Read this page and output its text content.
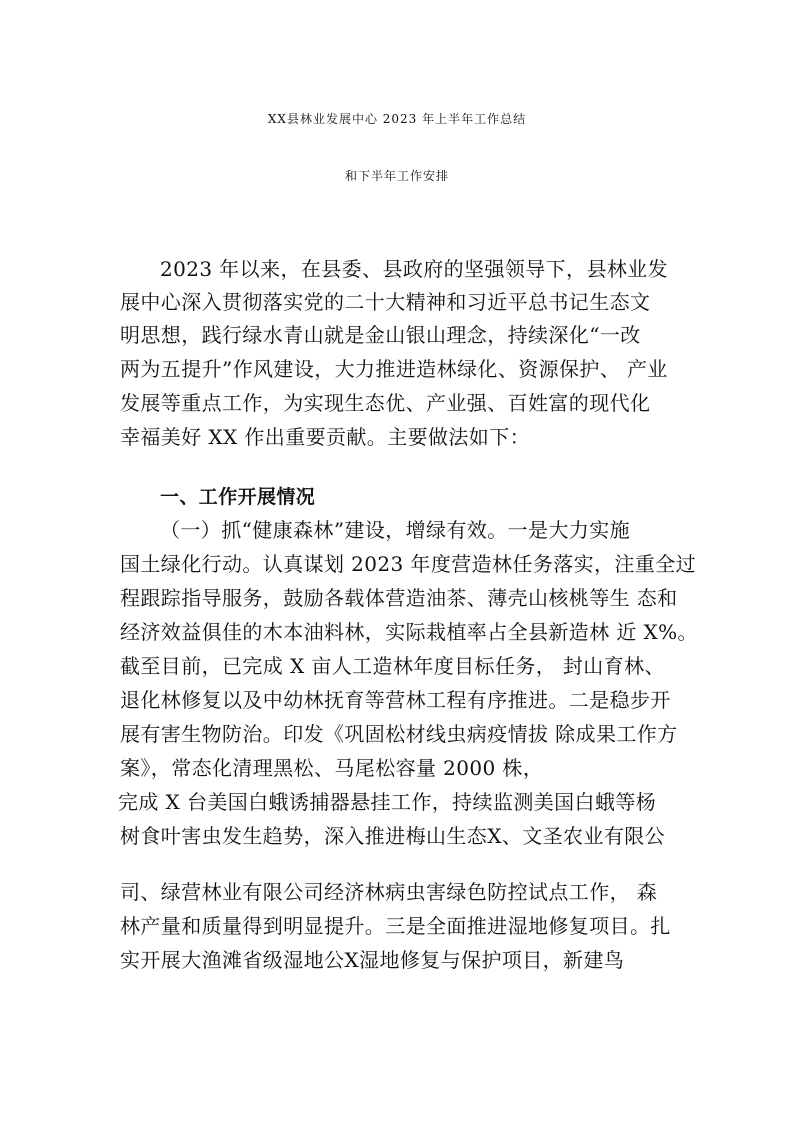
XX县林业发展中心 2023 年上半年工作总结
和下半年工作安排
2023 年以来，在县委、县政府的坚强领导下，县林业发
展中心深入贯彻落实党的二十大精神和习近平总书记生态文
明思想，践行绿水青山就是金山银山理念，持续深化“一改
两为五提升”作风建设，大力推进造林绿化、资源保护、 产业
发展等重点工作，为实现生态优、产业强、百姓富的现代化
幸福美好 XX 作出重要贡献。主要做法如下：
一、工作开展情况
（一）抓“健康森林”建设，增绿有效。一是大力实施
国土绿化行动。认真谋划 2023 年度营造林任务落实，注重全过
程跟踪指导服务，鼓励各载体营造油茶、薄壳山核桃等生 态和
经济效益俱佳的木本油料林，实际栽植率占全县新造林 近 X%。
截至目前，已完成 X 亩人工造林年度目标任务， 封山育林、
退化林修复以及中幼林抚育等营林工程有序推进。二是稳步开
展有害生物防治。印发《巩固松材线虫病疫情拔 除成果工作方
案》，常态化清理黑松、马尾松容量 2000 株，
完成 X 台美国白蛾诱捕器悬挂工作，持续监测美国白蛾等杨
树食叶害虫发生趋势，深入推进梅山生态X、文圣农业有限公
司、绿营林业有限公司经济林病虫害绿色防控试点工作， 森
林产量和质量得到明显提升。三是全面推进湿地修复项目。扎
实开展大渔滩省级湿地公X湿地修复与保护项目，新建鸟
